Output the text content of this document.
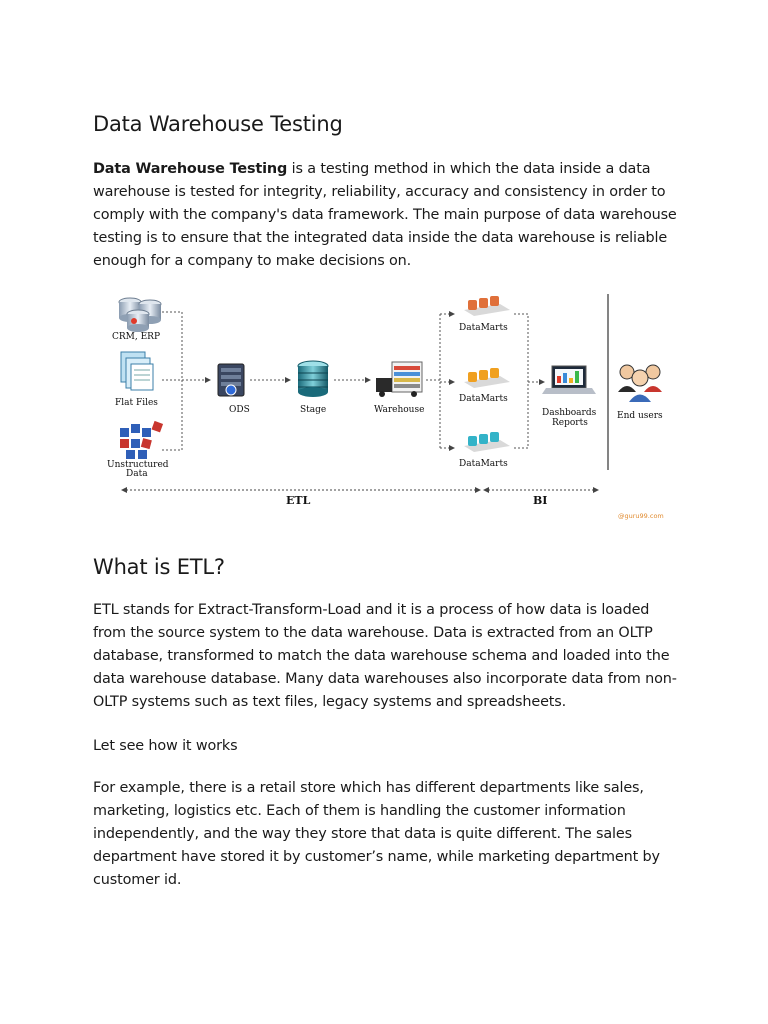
Data Warehouse Testing

Data Warehouse Testing is a testing method in which the data inside a data warehouse is tested for integrity, reliability, accuracy and consistency in order to comply with the company's data framework. The main purpose of data warehouse testing is to ensure that the integrated data inside the data warehouse is reliable enough for a company to make decisions on.

CRM, ERP
Flat Files
Unstructured
Data
ODS	Stage	Warehouse
DataMarts
DataMarts
DataMarts
Dashboards
Reports
End users
ETL	BI
@guru99.com
What is ETL?

ETL stands for Extract-Transform-Load and it is a process of how data is loaded from the source system to the data warehouse. Data is extracted from an OLTP database, transformed to match the data warehouse schema and loaded into the data warehouse database. Many data warehouses also incorporate data from non-OLTP systems such as text files, legacy systems and spreadsheets.

Let see how it works

For example, there is a retail store which has different departments like sales, marketing, logistics etc. Each of them is handling the customer information independently, and the way they store that data is quite different. The sales department have stored it by customer’s name, while marketing department by customer id.
